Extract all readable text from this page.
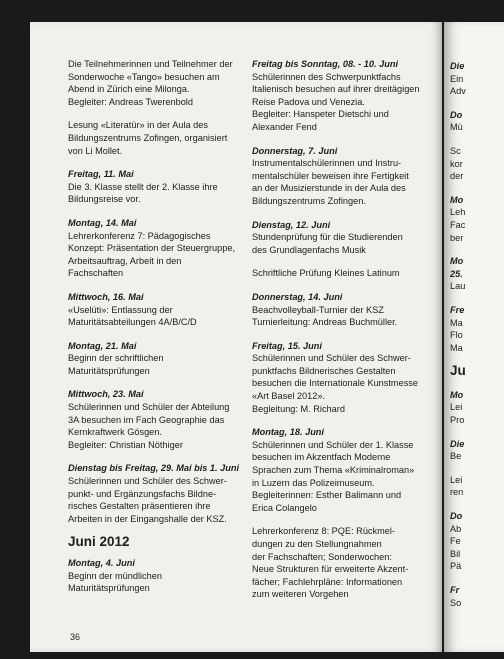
Die Teilnehmerinnen und Teilnehmer der
Sonderwoche «Tango» besuchen am
Abend in Zürich eine Milonga.
Begleiter: Andreas Twerenbold
Lesung «Literatür» in der Aula des
Bildungszentrums Zofingen, organisiert
von Li Mollet.
Freitag, 11. Mai
Die 3. Klasse stellt der 2. Klasse ihre
Bildungsreise vor.
Montag, 14. Mai
Lehrerkonferenz 7: Pädagogisches
Konzept: Präsentation der Steuergruppe,
Arbeitsauftrag, Arbeit in den
Fachschaften
Mittwoch, 16. Mai
«Uselüti»: Entlassung der
Maturitätsabteilungen 4A/B/C/D
Montag, 21. Mai
Beginn der schriftlichen
Maturitätsprüfungen
Mittwoch, 23. Mai
Schülerinnen und Schüler der Abteilung
3A besuchen im Fach Geographie das
Kernkraftwerk Gösgen.
Begleiter: Christian Nöthiger
Dienstag bis Freitag, 29. Mai bis 1. Juni
Schülerinnen und Schüler des Schwer-
punkt- und Ergänzungsfachs Bildne-
risches Gestalten präsentieren ihre
Arbeiten in der Eingangshalle der KSZ.
Juni 2012
Montag, 4. Juni
Beginn der mündlichen
Maturitätsprüfungen
Freitag bis Sonntag, 08. - 10. Juni
Schülerinnen des Schwerpunktfachs
Italienisch besuchen auf ihrer dreitägigen
Reise Padova und Venezia.
Begleiter: Hanspeter Dietschi und
Alexander Fend
Donnerstag, 7. Juni
Instrumentalschülerinnen und Instru-
mentalschüler beweisen ihre Fertigkeit
an der Musizierstunde in der Aula des
Bildungszentrums Zofingen.
Dienstag, 12. Juni
Stundenprüfung für die Studierenden
des Grundlagenfachs Musik
Schriftliche Prüfung Kleines Latinum
Donnerstag, 14. Juni
Beachvolleyball-Turnier der KSZ
Turnierleitung: Andreas Buchmüller.
Freitag, 15. Juni
Schülerinnen und Schüler des Schwer-
punktfachs Bildnerisches Gestalten
besuchen die Internationale Kunstmesse
«Art Basel 2012».
Begleitung: M. Richard
Montag, 18. Juni
Schülerinnen und Schüler der 1. Klasse
besuchen im Akzentfach Moderne
Sprachen zum Thema «Kriminalroman»
in Luzern das Polizeimuseum.
Begleiterinnen: Esther Balimann und
Erica Colangelo
Lehrerkonferenz 8: PQE: Rückmel-
dungen zu den Stellungnahmen
der Fachschaften; Sonderwochen:
Neue Strukturen für erweiterte Akzent-
fächer; Fachlehrpläne: Informationen
zum weiteren Vorgehen
36
Die
Ein
Adv
Do
Mü
Sc
kor
der
Mo
Leh
Fac
ber
Mo
25.
Lau
Fre
Ma
Flo
Ma
Ju
Mo
Lei
Pro
Die
Be
Lei
ren
Do
Ab
Fe
Bil
Pä
Fr
So
